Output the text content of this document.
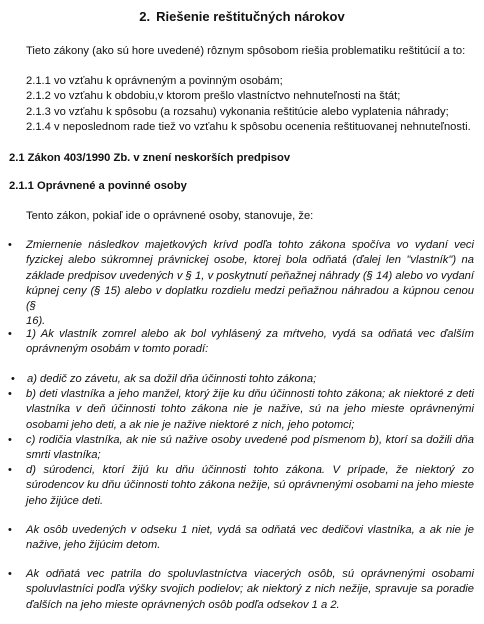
2. Riešenie reštitučných nárokov
Tieto zákony (ako sú hore uvedené) rôznym spôsobom riešia problematiku reštitúcií a to:
2.1.1 vo vzťahu k oprávneným a povinným osobám;
2.1.2 vo vzťahu k obdobiu,v ktorom prešlo vlastníctvo nehnuteľnosti na štát;
2.1.3 vo vzťahu k spôsobu (a rozsahu) vykonania reštitúcie alebo vyplatenia náhrady;
2.1.4 v neposlednom rade tiež vo vzťahu k spôsobu ocenenia reštituovanej nehnuteľnosti.
2.1 Zákon 403/1990 Zb. v znení neskorších predpisov
2.1.1 Oprávnené a povinné osoby
Tento zákon, pokiaľ ide o oprávnené osoby, stanovuje, že:
• Zmiernenie následkov majetkových krívd podľa tohto zákona spočíva vo vydaní veci
fyzickej alebo súkromnej právnickej osobe, ktorej bola odňatá (ďalej len "vlastník") na
základe predpisov uvedených v § 1, v poskytnutí peňažnej náhrady (§ 14) alebo vo vydaní
kúpnej ceny (§ 15) alebo v doplatku rozdielu medzi peňažnou náhradou a kúpnou cenou (§
16).
• 1) Ak vlastník zomrel alebo ak bol vyhlásený za mŕtveho, vydá sa odňatá vec ďalším
oprávneným osobám v tomto poradí:
• a) dedič zo závetu, ak sa dožil dňa účinnosti tohto zákona;
• b) deti vlastníka a jeho manžel, ktorý žije ku dňu účinnosti tohto zákona; ak niektoré z deti
vlastníka v deň účinnosti tohto zákona nie je nažive, sú na jeho mieste oprávnenými
osobami jeho deti, a ak nie je nažive niektoré z nich, jeho potomci;
• c) rodičia vlastníka, ak nie sú nažive osoby uvedené pod písmenom b), ktorí sa dožili dňa
smrti vlastníka;
• d) súrodenci, ktorí žijú ku dňu účinnosti tohto zákona. V prípade, že niektorý zo
súrodencov ku dňu účinnosti tohto zákona nežije, sú oprávnenými osobami na jeho mieste
jeho žijúce deti.
• Ak osôb uvedených v odseku 1 niet, vydá sa odňatá vec dedičovi vlastníka, a ak nie je
nažive, jeho žijúcim detom.
• Ak odňatá vec patrila do spoluvlastníctva viacerých osôb, sú oprávnenými osobami
spoluvlastníci podľa výšky svojich podielov; ak niektorý z nich nežije, spravuje sa poradie
ďalších na jeho mieste oprávnených osôb podľa odsekov 1 a 2.
